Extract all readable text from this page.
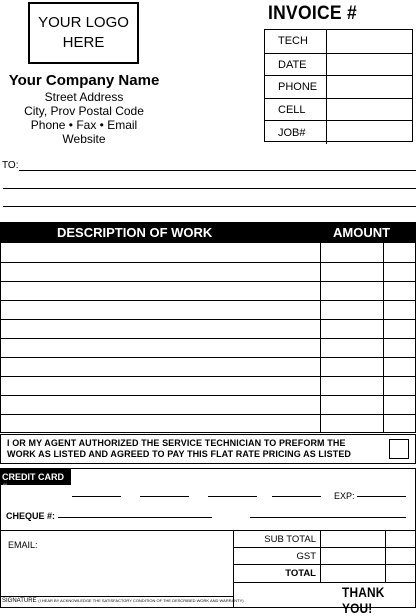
YOUR LOGO HERE
Your Company Name
Street Address
City, Prov Postal Code
Phone • Fax • Email
Website
INVOICE #
TECH
DATE
PHONE
CELL
JOB#
TO:
DESCRIPTION OF WORK	AMOUNT
I OR MY AGENT AUTHORIZED THE SERVICE TECHNICIAN TO PREFORM THE
WORK AS LISTED AND AGREED TO PAY THIS FLAT RATE PRICING AS LISTED
CREDIT CARD #:
EXP:
CHEQUE #:
EMAIL:	SUB TOTAL
GST
TOTAL
THANK YOU!
SIGNATURE (I HEAR BY ACKNOWLEDGE THE SATISFACTORY CONDITION OF THE DESCRIBED WORK AND WARRANTY)
